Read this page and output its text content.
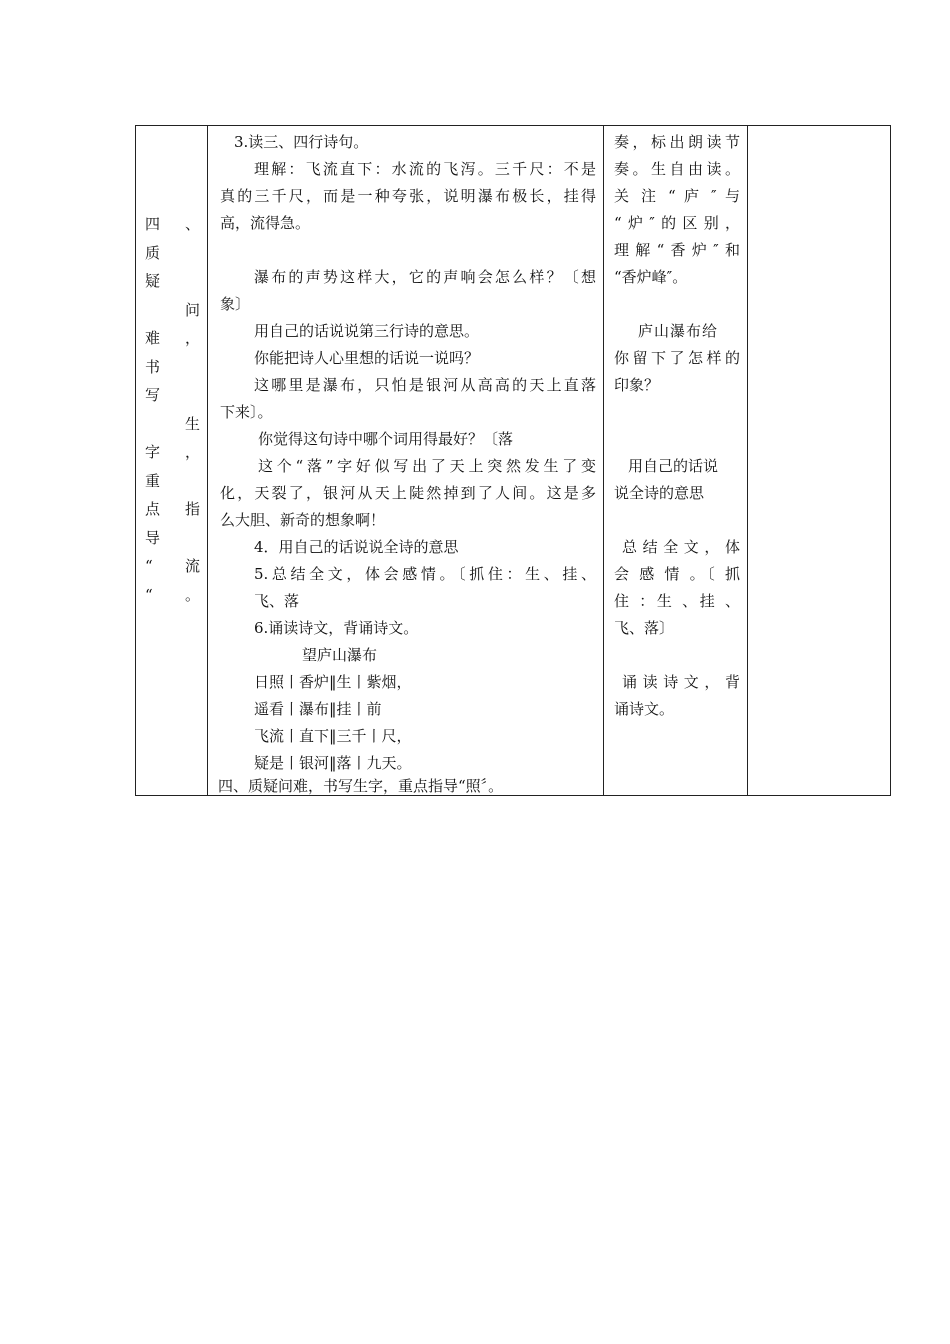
四 、 质
疑 　 问
难 ， 书
写 　 生
字 ， 重
点 指 导
“ 　 流
“。
3.读三、四行诗句。
理解：飞流直下：水流的飞泻。三千尺：不是
真的三千尺，而是一种夸张，说明瀑布极长，挂得
高，流得急。
瀑布的声势这样大，它的声响会怎么样？〔想
象〕
用自己的话说说第三行诗的意思。
你能把诗人心里想的话说一说吗？
这哪里是瀑布，只怕是银河从高高的天上直落
下来〕。
你觉得这句诗中哪个词用得最好？〔落
这个“落”字好似写出了天上突然发生了变
化，天裂了，银河从天上陡然掉到了人间。这是多
么大胆、新奇的想象啊！
4．用自己的话说说全诗的意思
5.总结全文，体会感情。〔抓住：生、挂、
飞、落
6.诵读诗文，背诵诗文。
望庐山瀑布
日照丨香炉‖生丨紫烟，
遥看丨瀑布‖挂丨前
飞流丨直下‖三千丨尺，
疑是丨银河‖落丨九天。
四、质疑问难，书写生字，重点指导“照〞。
奏，标出朗读节
奏。生自由读。
关 注 “ 庐 ″ 与
“炉″的区别，
理解“香炉″和
“香炉峰″。
庐山瀑布给
你留下了怎样的
印象？
用自己的话说
说全诗的意思
总结全文，体
会 感 情 。〔 抓
住 ：生 、挂 、
飞、落〕
诵读诗文，背
诵诗文。
